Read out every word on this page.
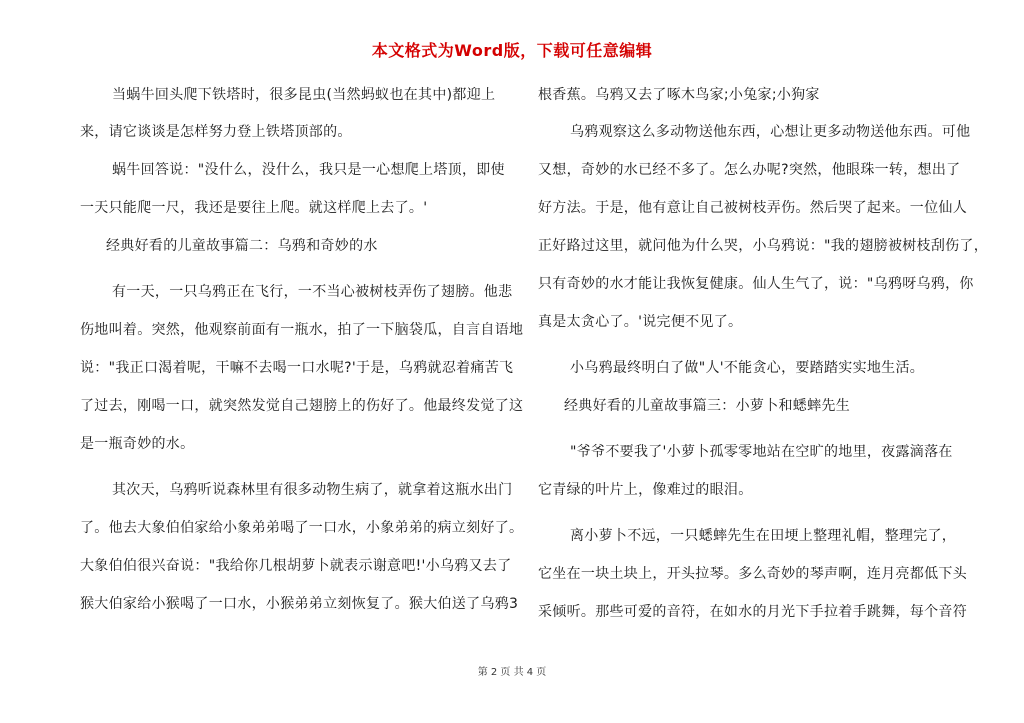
本文格式为Word版，下载可任意编辑
当蜗牛回头爬下铁塔时，很多昆虫(当然蚂蚁也在其中)都迎上
来，请它谈谈是怎样努力登上铁塔顶部的。
蜗牛回答说："没什么，没什么，我只是一心想爬上塔顶，即使
一天只能爬一尺，我还是要往上爬。就这样爬上去了。'
经典好看的儿童故事篇二：乌鸦和奇妙的水
有一天，一只乌鸦正在飞行，一不当心被树枝弄伤了翅膀。他悲
伤地叫着。突然，他观察前面有一瓶水，拍了一下脑袋瓜，自言自语地
说："我正口渴着呢，干嘛不去喝一口水呢?'于是，乌鸦就忍着痛苦飞
了过去，刚喝一口，就突然发觉自己翅膀上的伤好了。他最终发觉了这
是一瓶奇妙的水。
其次天，乌鸦听说森林里有很多动物生病了，就拿着这瓶水出门
了。他去大象伯伯家给小象弟弟喝了一口水，小象弟弟的病立刻好了。
大象伯伯很兴奋说："我给你几根胡萝卜就表示谢意吧!'小乌鸦又去了
猴大伯家给小猴喝了一口水，小猴弟弟立刻恢复了。猴大伯送了乌鸦3
根香蕉。乌鸦又去了啄木鸟家;小兔家;小狗家
乌鸦观察这么多动物送他东西，心想让更多动物送他东西。可他
又想，奇妙的水已经不多了。怎么办呢?突然，他眼珠一转，想出了
好方法。于是，他有意让自己被树枝弄伤。然后哭了起来。一位仙人
正好路过这里，就问他为什么哭，小乌鸦说："我的翅膀被树枝刮伤了，
只有奇妙的水才能让我恢复健康。仙人生气了，说："乌鸦呀乌鸦，你
真是太贪心了。'说完便不见了。
小乌鸦最终明白了做"人'不能贪心，要踏踏实实地生活。
经典好看的儿童故事篇三：小萝卜和蟋蟀先生
"爷爷不要我了'小萝卜孤零零地站在空旷的地里，夜露滴落在
它青绿的叶片上，像难过的眼泪。
离小萝卜不远，一只蟋蟀先生在田埂上整理礼帽，整理完了，
它坐在一块土块上，开头拉琴。多么奇妙的琴声啊，连月亮都低下头
采倾听。那些可爱的音符，在如水的月光下手拉着手跳舞，每个音符
第 2 页 共 4 页
